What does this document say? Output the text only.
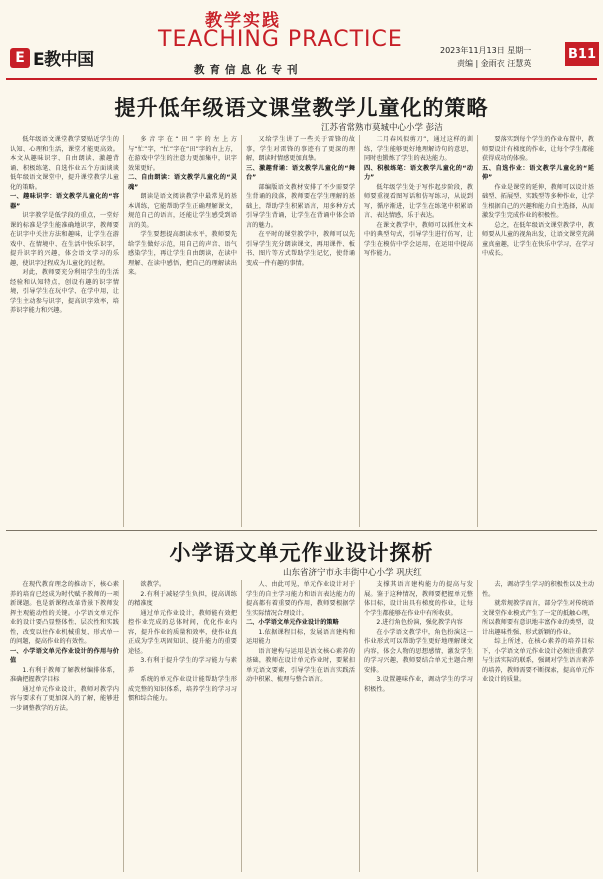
E E教中国
教学实践
TEACHING PRACTICE
教育信息化专刊
2023年11月13日 星期一
责编 | 金雨衣 汪慧英
B11
提升低年级语文课堂教学儿童化的策略
江苏省常熟市莫城中心小学 彭洁

低年级语文课堂教学要贴近学生的认知、心理和生活，课堂才能更高效。本文从趣味识字、自由朗读、激趣背诵、积极练笔、自选作业五个方面谈谈低年级语文课堂中，提升课堂教学儿童化的策略。

一、趣味识字：语文教学儿童化的“容器”

识字教学是低学段的重点，一堂好课的标准是学生能准确地识字，教师要在识字中关注方法和趣味，让学生在游戏中、在情境中、在生活中快乐识字，提升识字的兴趣，体会语文学习的乐趣，使识字过程成为儿童化的过程。

对此，教师要充分利用学生的生活经验和认知特点，创设有趣的识字情境，引导学生在玩中学、在学中用，让学生主动参与识字，提高识字效率，培养识字能力和兴趣。

多音字在“田”字的左上方与“忙”字，“忙”字在“田”字的右上方，在游戏中学生的注意力更加集中，识字效果更好。

二、自由朗读：语文教学儿童化的“灵魂”

朗读是语文阅读教学中最常见的基本训练，它能帮助学生正确理解课文，规范自己的语言，还能让学生感受到语言的美。

学生要想提高朗读水平，教师要先给学生做好示范，用自己的声音、语气感染学生，再让学生自由朗读，在读中理解、在读中感悟，把自己的理解读出来。

又给学生讲了一些关于雷锋的故事，学生对雷锋的事迹有了更深的理解，朗读时情感更加真挚。

三、激趣背诵：语文教学儿童化的“舞台”

部编版语文教材安排了不少需要学生背诵的段落，教师要在学生理解的基础上，帮助学生积累语言，用多种方式引导学生背诵，让学生在背诵中体会语言的魅力。

在平时的课堂教学中，教师可以先引导学生充分朗读课文，再用课件、板书、图片等方式帮助学生记忆，使背诵变成一件有趣的事情。

二月春风似剪刀”，通过这样的训练，学生能够更好地理解诗句的意思，同时也锻炼了学生的表达能力。

四、积极练笔：语文教学儿童化的“动力”

低年级学生处于写作起步阶段，教师要重视看图写话和仿写练习，从说到写，循序渐进，让学生在练笔中积累语言、表达情感，乐于表达。

在课文教学中，教师可以抓住文本中的典型句式，引导学生进行仿写，让学生在模仿中学会运用，在运用中提高写作能力。

要落实到每个学生的作业布置中，教师要设计有梯度的作业，让每个学生都能获得成功的体验。

五、自选作业：语文教学儿童化的“延伸”

作业是课堂的延伸，教师可以设计基础型、拓展型、实践型等多种作业，让学生根据自己的兴趣和能力自主选择，从而激发学生完成作业的积极性。

总之，在低年级语文课堂教学中，教师要从儿童的视角出发，让语文课堂充满童真童趣，让学生在快乐中学习，在学习中成长。

小学语文单元作业设计探析
山东省济宁市永丰街中心小学 巩庆红

在现代教育理念的推动下，核心素养的培育已经成为时代赋予教师的一项新课题。也是新课程改革背景下教师发挥主观能动性的关键。小学语文单元作业的设计要凸显整体性、层次性和实践性，改变以往作业机械重复、形式单一的问题，提高作业的有效性。

一、小学语文单元作业设计的作用与价值

1.有利于教师了解教材编排体系，准确把握教学目标

通过单元作业设计，教师对教学内容与要求有了更加深入的了解，能够进一步调整教学的方法。

欲教学。

2.有利于减轻学生负担，提高训练的精准度

通过单元作业设计，教师能有效把控作业完成的总体时间，优化作业内容，提升作业的质量和效率，使作业真正成为学生巩固知识、提升能力的重要途径。

3.有利于提升学生的学习能力与素养

系统的单元作业设计能帮助学生形成完整的知识体系，培养学生的学习习惯和综合能力。

人、由此可见，单元作业设计对于学生的自主学习能力和语言表达能力的提高都有着重要的作用，教师要根据学生实际情况合理设计。

二、小学语文单元作业设计的策略

1.依据课程目标，发展语言建构和运用能力

语言建构与运用是语文核心素养的基础，教师在设计单元作业时，要紧扣单元语文要素，引导学生在语言实践活动中积累、梳理与整合语言。

支撑其语言建构能力的提高与发展。鉴于这种情况，教师要把握单元整体目标，设计出具有梯度的作业，让每个学生都能够在作业中有所收获。

2.进行角色扮演，强化教学内容

在小学语文教学中，角色扮演这一作业形式可以帮助学生更好地理解课文内容，体会人物的思想感情，激发学生的学习兴趣，教师要结合单元主题合理安排。

3.设置趣味作业，调动学生的学习积极性。

去，调动学生学习的积极性以及主动性。

就常规教学而言，部分学生对传统语文课堂作业模式产生了一定的抵触心理，所以教师要有意识地丰富作业的类型，设计出趣味性强、形式新颖的作业。

综上所述，在核心素养的培养目标下，小学语文单元作业设计必须注重教学与生活实际的联系，强调对学生语言素养的培养，教师需要不断探索，提高单元作业设计的质量。
